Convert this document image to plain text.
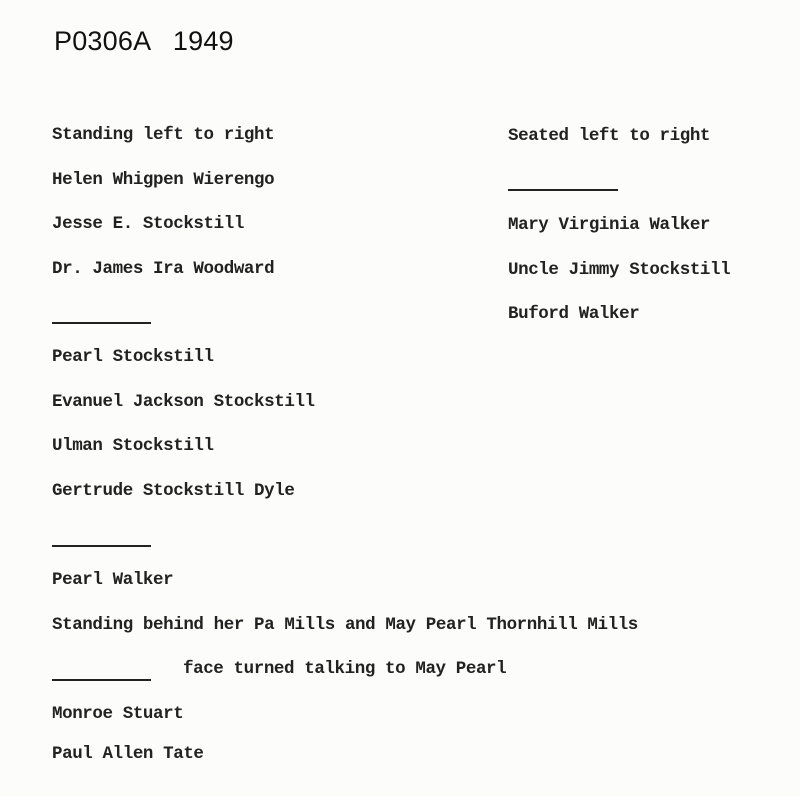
P0306A 1949
Standing left to right
Helen Whigpen Wierengo
Jesse E. Stockstill
Dr. James Ira Woodward
Pearl Stockstill
Evanuel Jackson Stockstill
Ulman Stockstill
Gertrude Stockstill Dyle
Pearl Walker
Standing behind her Pa Mills and May Pearl Thornhill Mills
face turned talking to May Pearl
Monroe Stuart
Paul Allen Tate
Seated left to right
Mary Virginia Walker
Uncle Jimmy Stockstill
Buford Walker
